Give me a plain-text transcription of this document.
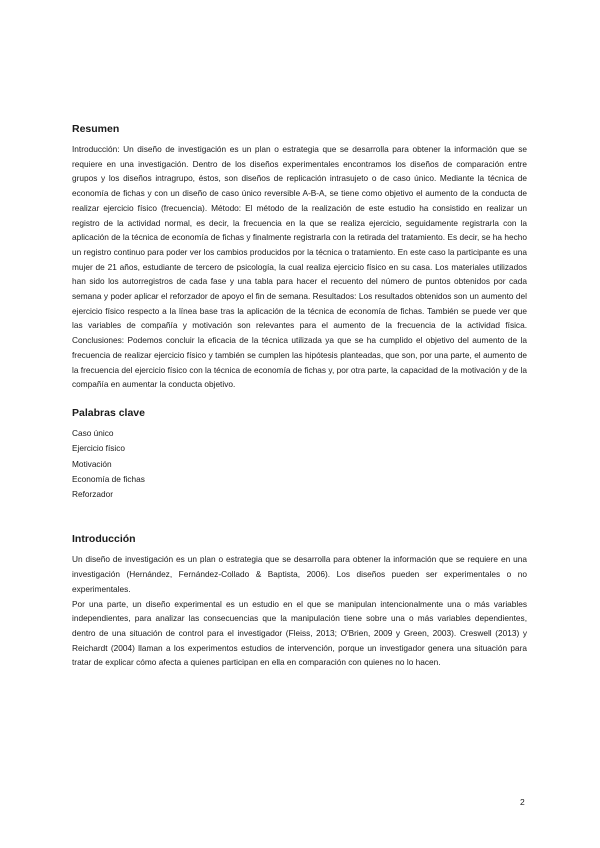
Resumen

Introducción: Un diseño de investigación es un plan o estrategia que se desarrolla para obtener la información que se requiere en una investigación. Dentro de los diseños experimentales encontramos los diseños de comparación entre grupos y los diseños intragrupo, éstos, son diseños de replicación intrasujeto o de caso único. Mediante la técnica de economía de fichas y con un diseño de caso único reversible A-B-A, se tiene como objetivo el aumento de la conducta de realizar ejercicio físico (frecuencia). Método: El método de la realización de este estudio ha consistido en realizar un registro de la actividad normal, es decir, la frecuencia en la que se realiza ejercicio, seguidamente registrarla con la aplicación de la técnica de economía de fichas y finalmente registrarla con la retirada del tratamiento. Es decir, se ha hecho un registro continuo para poder ver los cambios producidos por la técnica o tratamiento. En este caso la participante es una mujer de 21 años, estudiante de tercero de psicología, la cual realiza ejercicio físico en su casa. Los materiales utilizados han sido los autorregistros de cada fase y una tabla para hacer el recuento del número de puntos obtenidos por cada semana y poder aplicar el reforzador de apoyo el fin de semana. Resultados: Los resultados obtenidos son un aumento del ejercicio físico respecto a la línea base tras la aplicación de la técnica de economía de fichas. También se puede ver que las variables de compañía y motivación son relevantes para el aumento de la frecuencia de la actividad física. Conclusiones: Podemos concluir la eficacia de la técnica utilizada ya que se ha cumplido el objetivo del aumento de la frecuencia de realizar ejercicio físico y también se cumplen las hipótesis planteadas, que son, por una parte, el aumento de la frecuencia del ejercicio físico con la técnica de economía de fichas y, por otra parte, la capacidad de la motivación y de la compañía en aumentar la conducta objetivo.

Palabras clave
Caso único
Ejercicio físico
Motivación
Economía de fichas
Reforzador
Introducción

Un diseño de investigación es un plan o estrategia que se desarrolla para obtener la información que se requiere en una investigación (Hernández, Fernández-Collado & Baptista, 2006). Los diseños pueden ser experimentales o no experimentales.

Por una parte, un diseño experimental es un estudio en el que se manipulan intencionalmente una o más variables independientes, para analizar las consecuencias que la manipulación tiene sobre una o más variables dependientes, dentro de una situación de control para el investigador (Fleiss, 2013; O'Brien, 2009 y Green, 2003). Creswell (2013) y Reichardt (2004) llaman a los experimentos estudios de intervención, porque un investigador genera una situación para tratar de explicar cómo afecta a quienes participan en ella en comparación con quienes no lo hacen.

2
